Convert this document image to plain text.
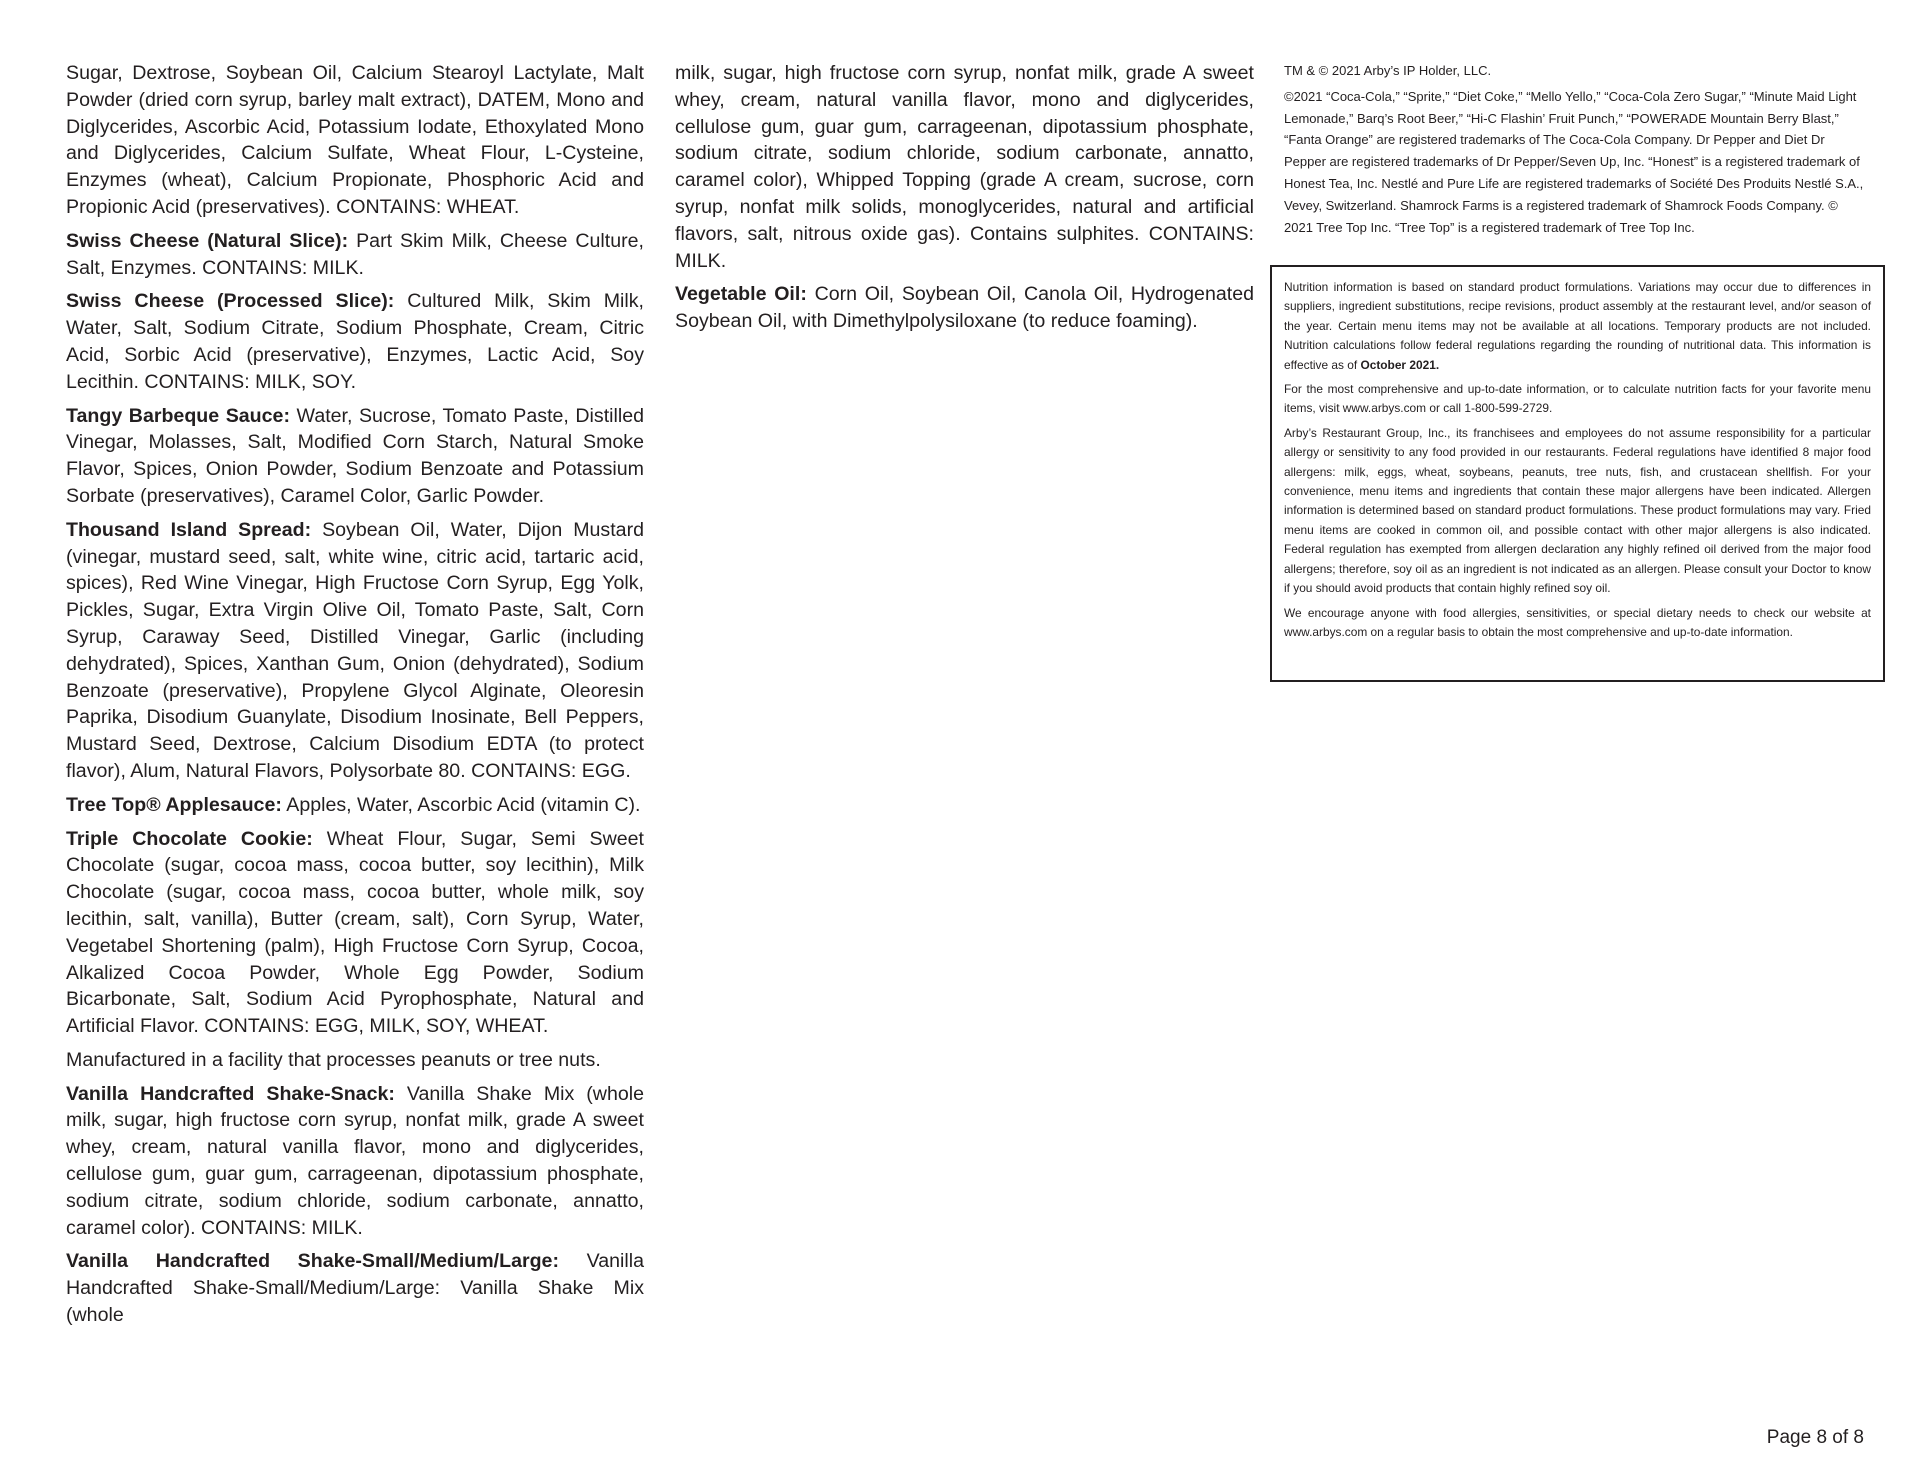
Sugar, Dextrose, Soybean Oil, Calcium Stearoyl Lactylate, Malt Powder (dried corn syrup, barley malt extract), DATEM, Mono and Diglycerides, Ascorbic Acid, Potassium Iodate, Ethoxylated Mono and Diglycerides, Calcium Sulfate, Wheat Flour, L-Cysteine, Enzymes (wheat), Calcium Propionate, Phosphoric Acid and Propionic Acid (preservatives). CONTAINS: WHEAT.

Swiss Cheese (Natural Slice): Part Skim Milk, Cheese Culture, Salt, Enzymes. CONTAINS: MILK.

Swiss Cheese (Processed Slice): Cultured Milk, Skim Milk, Water, Salt, Sodium Citrate, Sodium Phosphate, Cream, Citric Acid, Sorbic Acid (preservative), Enzymes, Lactic Acid, Soy Lecithin. CONTAINS: MILK, SOY.

Tangy Barbeque Sauce: Water, Sucrose, Tomato Paste, Distilled Vinegar, Molasses, Salt, Modified Corn Starch, Natural Smoke Flavor, Spices, Onion Powder, Sodium Benzoate and Potassium Sorbate (preservatives), Caramel Color, Garlic Powder.

Thousand Island Spread: Soybean Oil, Water, Dijon Mustard (vinegar, mustard seed, salt, white wine, citric acid, tartaric acid, spices), Red Wine Vinegar, High Fructose Corn Syrup, Egg Yolk, Pickles, Sugar, Extra Virgin Olive Oil, Tomato Paste, Salt, Corn Syrup, Caraway Seed, Distilled Vinegar, Garlic (including dehydrated), Spices, Xanthan Gum, Onion (dehydrated), Sodium Benzoate (preservative), Propylene Glycol Alginate, Oleoresin Paprika, Disodium Guanylate, Disodium Inosinate, Bell Peppers, Mustard Seed, Dextrose, Calcium Disodium EDTA (to protect flavor), Alum, Natural Flavors, Polysorbate 80. CONTAINS: EGG.

Tree Top® Applesauce: Apples, Water, Ascorbic Acid (vitamin C).

Triple Chocolate Cookie: Wheat Flour, Sugar, Semi Sweet Chocolate (sugar, cocoa mass, cocoa butter, soy lecithin), Milk Chocolate (sugar, cocoa mass, cocoa butter, whole milk, soy lecithin, salt, vanilla), Butter (cream, salt), Corn Syrup, Water, Vegetabel Shortening (palm), High Fructose Corn Syrup, Cocoa, Alkalized Cocoa Powder, Whole Egg Powder, Sodium Bicarbonate, Salt, Sodium Acid Pyrophosphate, Natural and Artificial Flavor. CONTAINS: EGG, MILK, SOY, WHEAT.

Manufactured in a facility that processes peanuts or tree nuts.

Vanilla Handcrafted Shake-Snack: Vanilla Shake Mix (whole milk, sugar, high fructose corn syrup, nonfat milk, grade A sweet whey, cream, natural vanilla flavor, mono and diglycerides, cellulose gum, guar gum, carrageenan, dipotassium phosphate, sodium citrate, sodium chloride, sodium carbonate, annatto, caramel color). CONTAINS: MILK.

Vanilla Handcrafted Shake-Small/Medium/Large: Vanilla Handcrafted Shake-Small/Medium/Large: Vanilla Shake Mix (whole

milk, sugar, high fructose corn syrup, nonfat milk, grade A sweet whey, cream, natural vanilla flavor, mono and diglycerides, cellulose gum, guar gum, carrageenan, dipotassium phosphate, sodium citrate, sodium chloride, sodium carbonate, annatto, caramel color), Whipped Topping (grade A cream, sucrose, corn syrup, nonfat milk solids, monoglycerides, natural and artificial flavors, salt, nitrous oxide gas). Contains sulphites. CONTAINS: MILK.

Vegetable Oil: Corn Oil, Soybean Oil, Canola Oil, Hydrogenated Soybean Oil, with Dimethylpolysiloxane (to reduce foaming).

TM & © 2021 Arby’s IP Holder, LLC.

©2021 “Coca-Cola,” “Sprite,” “Diet Coke,” “Mello Yello,” “Coca-Cola Zero Sugar,” “Minute Maid Light Lemonade,” Barq’s Root Beer,” “Hi-C Flashin’ Fruit Punch,” “POWERADE Mountain Berry Blast,” “Fanta Orange” are registered trademarks of The Coca-Cola Company. Dr Pepper and Diet Dr Pepper are registered trademarks of Dr Pepper/Seven Up, Inc. “Honest” is a registered trademark of Honest Tea, Inc. Nestlé and Pure Life are registered trademarks of Société Des Produits Nestlé S.A., Vevey, Switzerland. Shamrock Farms is a registered trademark of Shamrock Foods Company. © 2021 Tree Top Inc. “Tree Top” is a registered trademark of Tree Top Inc.

Nutrition information is based on standard product formulations. Variations may occur due to differences in suppliers, ingredient substitutions, recipe revisions, product assembly at the restaurant level, and/or season of the year. Certain menu items may not be available at all locations. Temporary products are not included. Nutrition calculations follow federal regulations regarding the rounding of nutritional data. This information is effective as of October 2021.

For the most comprehensive and up-to-date information, or to calculate nutrition facts for your favorite menu items, visit www.arbys.com or call 1-800-599-2729.

Arby’s Restaurant Group, Inc., its franchisees and employees do not assume responsibility for a particular allergy or sensitivity to any food provided in our restaurants. Federal regulations have identified 8 major food allergens: milk, eggs, wheat, soybeans, peanuts, tree nuts, fish, and crustacean shellfish. For your convenience, menu items and ingredients that contain these major allergens have been indicated. Allergen information is determined based on standard product formulations. These product formulations may vary. Fried menu items are cooked in common oil, and possible contact with other major allergens is also indicated. Federal regulation has exempted from allergen declaration any highly refined oil derived from the major food allergens; therefore, soy oil as an ingredient is not indicated as an allergen. Please consult your Doctor to know if you should avoid products that contain highly refined soy oil.

We encourage anyone with food allergies, sensitivities, or special dietary needs to check our website at www.arbys.com on a regular basis to obtain the most comprehensive and up-to-date information.

Page 8 of 8
